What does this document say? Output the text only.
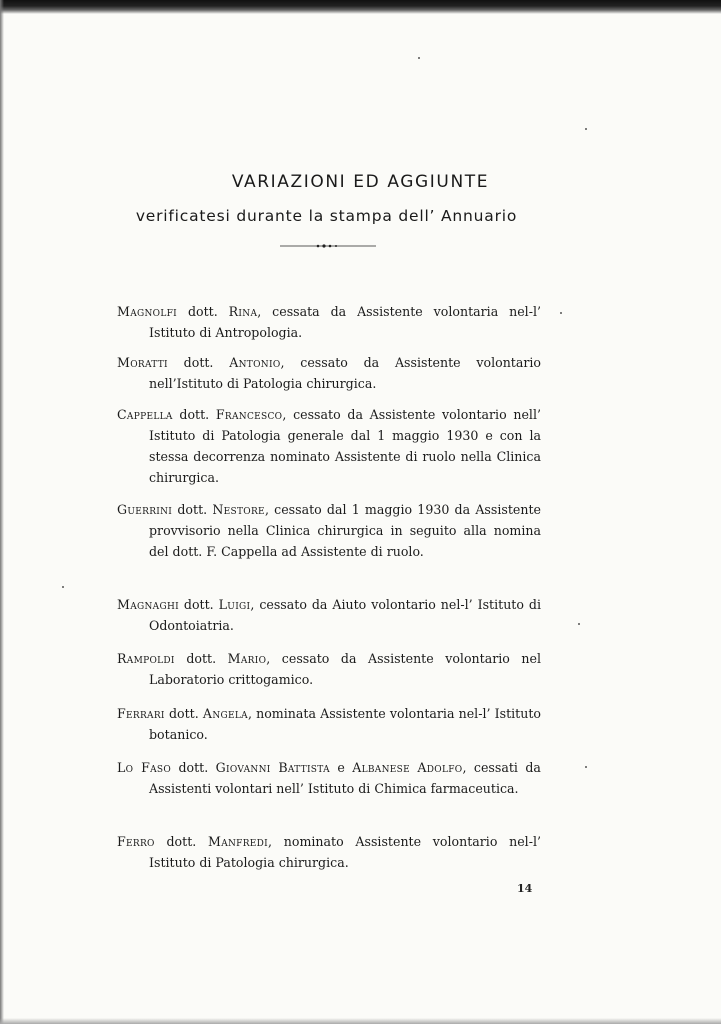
VARIAZIONI ED AGGIUNTE
verificatesi durante la stampa dell’ Annuario
Magnolfi dott. Rina, cessata da Assistente volontaria nel-l’ Istituto di Antropologia.
Moratti dott. Antonio, cessato da Assistente volontario nell’Istituto di Patologia chirurgica.
Cappella dott. Francesco, cessato da Assistente volontario nell’ Istituto di Patologia generale dal 1 maggio 1930 e con la stessa decorrenza nominato Assistente di ruolo nella Clinica chirurgica.
Guerrini dott. Nestore, cessato dal 1 maggio 1930 da Assistente provvisorio nella Clinica chirurgica in seguito alla nomina del dott. F. Cappella ad Assistente di ruolo.
Magnaghi dott. Luigi, cessato da Aiuto volontario nel-l’ Istituto di Odontoiatria.
Rampoldi dott. Mario, cessato da Assistente volontario nel Laboratorio crittogamico.
Ferrari dott. Angela, nominata Assistente volontaria nel-l’ Istituto botanico.
Lo Faso dott. Giovanni Battista e Albanese Adolfo, cessati da Assistenti volontari nell’ Istituto di Chimica farmaceutica.
Ferro dott. Manfredi, nominato Assistente volontario nel-l’ Istituto di Patologia chirurgica.
14
